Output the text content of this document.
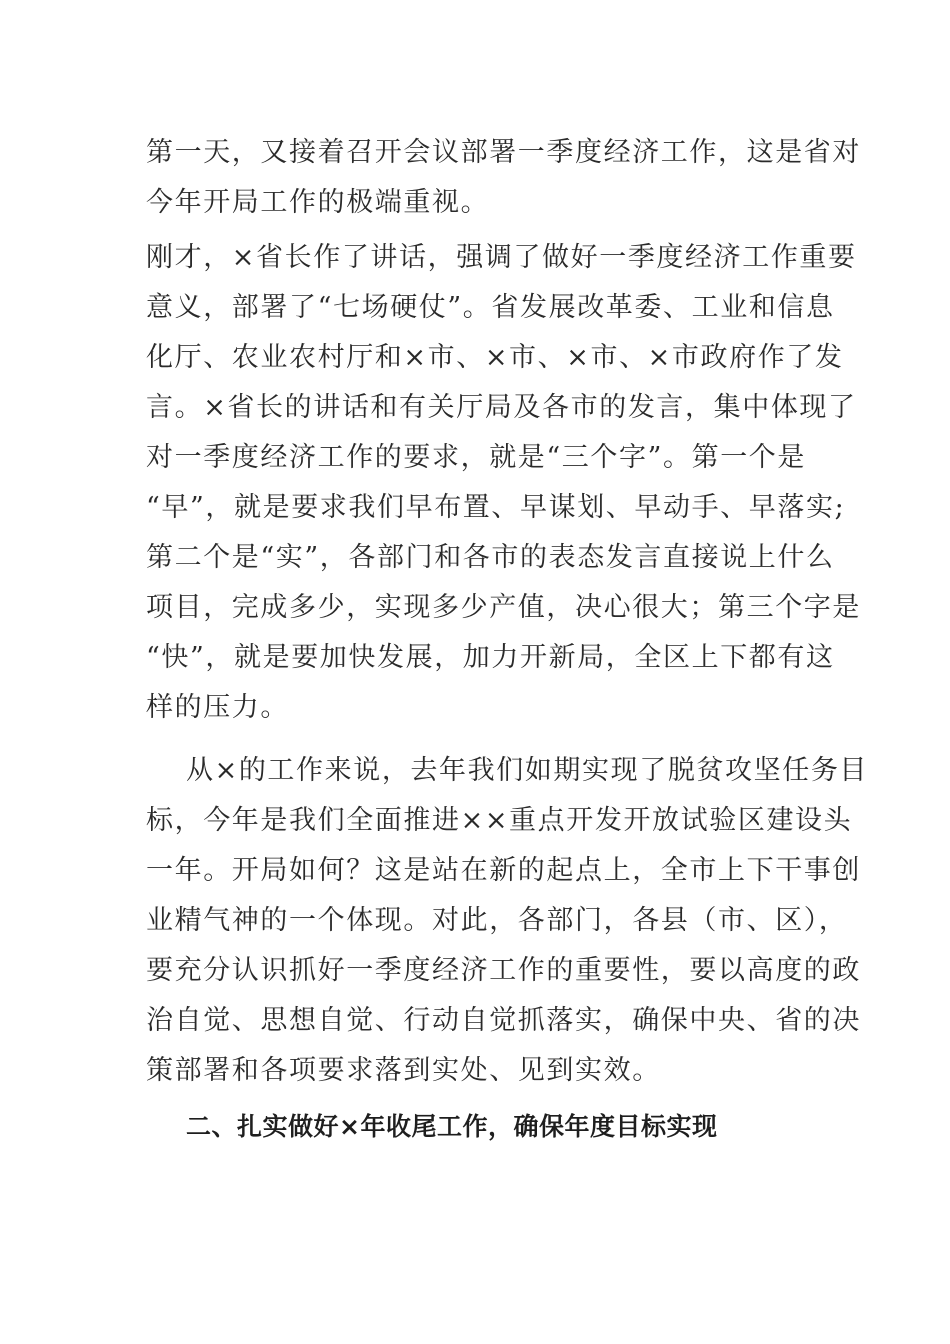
第一天，又接着召开会议部署一季度经济工作，这是省对
今年开局工作的极端重视。
刚才，×省长作了讲话，强调了做好一季度经济工作重要
意义，部署了“七场硬仗”。省发展改革委、工业和信息
化厅、农业农村厅和×市、×市、×市、×市政府作了发
言。×省长的讲话和有关厅局及各市的发言，集中体现了
对一季度经济工作的要求，就是“三个字”。第一个是
“早”，就是要求我们早布置、早谋划、早动手、早落实;
第二个是“实”，各部门和各市的表态发言直接说上什么
项目，完成多少，实现多少产值，决心很大；第三个字是
“快”，就是要加快发展，加力开新局，全区上下都有这
样的压力。
从×的工作来说，去年我们如期实现了脱贫攻坚任务目
标，今年是我们全面推进××重点开发开放试验区建设头
一年。开局如何？这是站在新的起点上，全市上下干事创
业精气神的一个体现。对此，各部门，各县（市、区），
要充分认识抓好一季度经济工作的重要性，要以高度的政
治自觉、思想自觉、行动自觉抓落实，确保中央、省的决
策部署和各项要求落到实处、见到实效。
二、扎实做好×年收尾工作，确保年度目标实现
